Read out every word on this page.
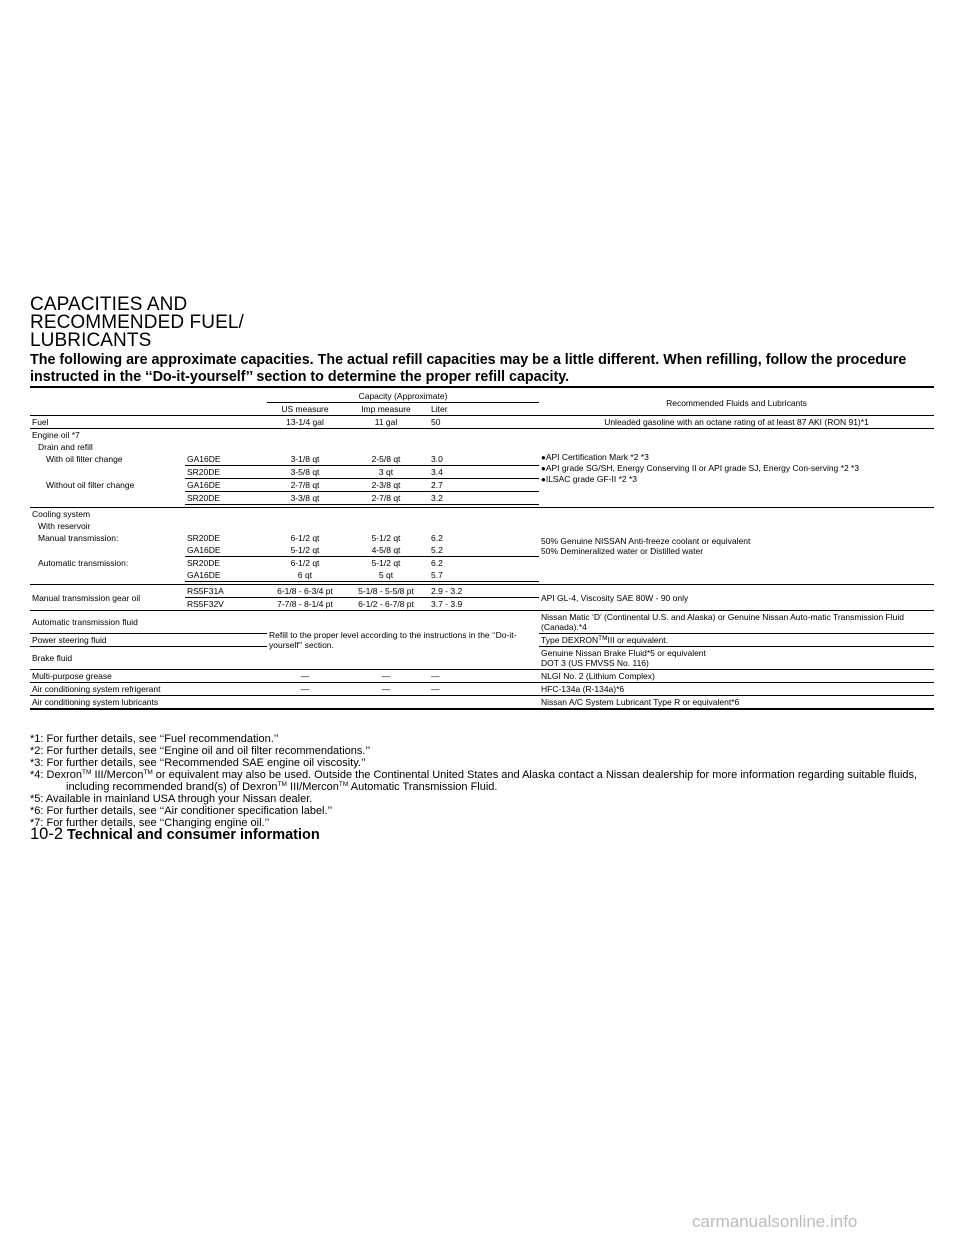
CAPACITIES AND
RECOMMENDED FUEL/
LUBRICANTS
The following are approximate capacities. The actual refill capacities may be a little different. When refilling, follow the procedure instructed in the ‘‘Do-it-yourself’’ section to determine the proper refill capacity.
		Capacity (Approximate)				Recommended Fluids and Lubricants
		US measure	Imp measure	Liter		
Fuel		13-1/4 gal	11 gal	50		Unleaded gasoline with an octane rating of at least 87 AKI (RON 91)*1
Engine oil *7						●API Certification Mark *2 *3
●API grade SG/SH, Energy Conserving II or API grade SJ, Energy Con-serving *2 *3
●ILSAC grade GF-II *2 *3

Drain and refill						
With oil filter change	GA16DE	3-1/8 qt	2-5/8 qt	3.0		
	SR20DE	3-5/8 qt	3 qt	3.4		
Without oil filter change	GA16DE	2-7/8 qt	2-3/8 qt	2.7		
	SR20DE	3-3/8 qt	2-7/8 qt	3.2		

Cooling system						50% Genuine NISSAN Anti-freeze coolant or equivalent
50% Demineralized water or Distilled water

With reservoir						
Manual transmission:	SR20DE	6-1/2 qt	5-1/2 qt	6.2		
	GA16DE	5-1/2 qt	4-5/8 qt	5.2		
Automatic transmission:	SR20DE	6-1/2 qt	5-1/2 qt	6.2		
	GA16DE	6 qt	5 qt	5.7		

Manual transmission gear oil	RS5F31A	6-1/8 - 6-3/4 pt	5-1/8 - 5-5/8 pt	2.9 - 3.2		API GL-4, Viscosity SAE 80W - 90 only
	RS5F32V	7-7/8 - 8-1/4 pt	6-1/2 - 6-7/8 pt	3.7 - 3.9		
Automatic transmission fluid		Refill to the proper level according to the instructions in the ‘‘Do-it-yourself’’ section.				Nissan Matic ‘D’ (Continental U.S. and Alaska) or Genuine Nissan Auto-matic Transmission Fluid (Canada).*4
Power steering fluid						Type DEXRON™III or equivalent.
Brake fluid						Genuine Nissan Brake Fluid*5 or equivalent
DOT 3 (US FMVSS No. 116)

Multi-purpose grease		—	—	—		NLGI No. 2 (Lithium Complex)
Air conditioning system refrigerant		—	—	—		HFC-134a (R-134a)*6
Air conditioning system lubricants						Nissan A/C System Lubricant Type R or equivalent*6

*1: For further details, see ‘‘Fuel recommendation.’’

*2: For further details, see ‘‘Engine oil and oil filter recommendations.’’

*3: For further details, see ‘‘Recommended SAE engine oil viscosity.’’

*4: Dexron™ III/Mercon™ or equivalent may also be used. Outside the Continental United States and Alaska contact a Nissan dealership for more information regarding suitable fluids, including recommended brand(s) of Dexron™ III/Mercon™ Automatic Transmission Fluid.

*5: Available in mainland USA through your Nissan dealer.

*6: For further details, see ‘‘Air conditioner specification label.’’

*7: For further details, see ‘‘Changing engine oil.’’

10-2 Technical and consumer information
carmanualsonline.info
